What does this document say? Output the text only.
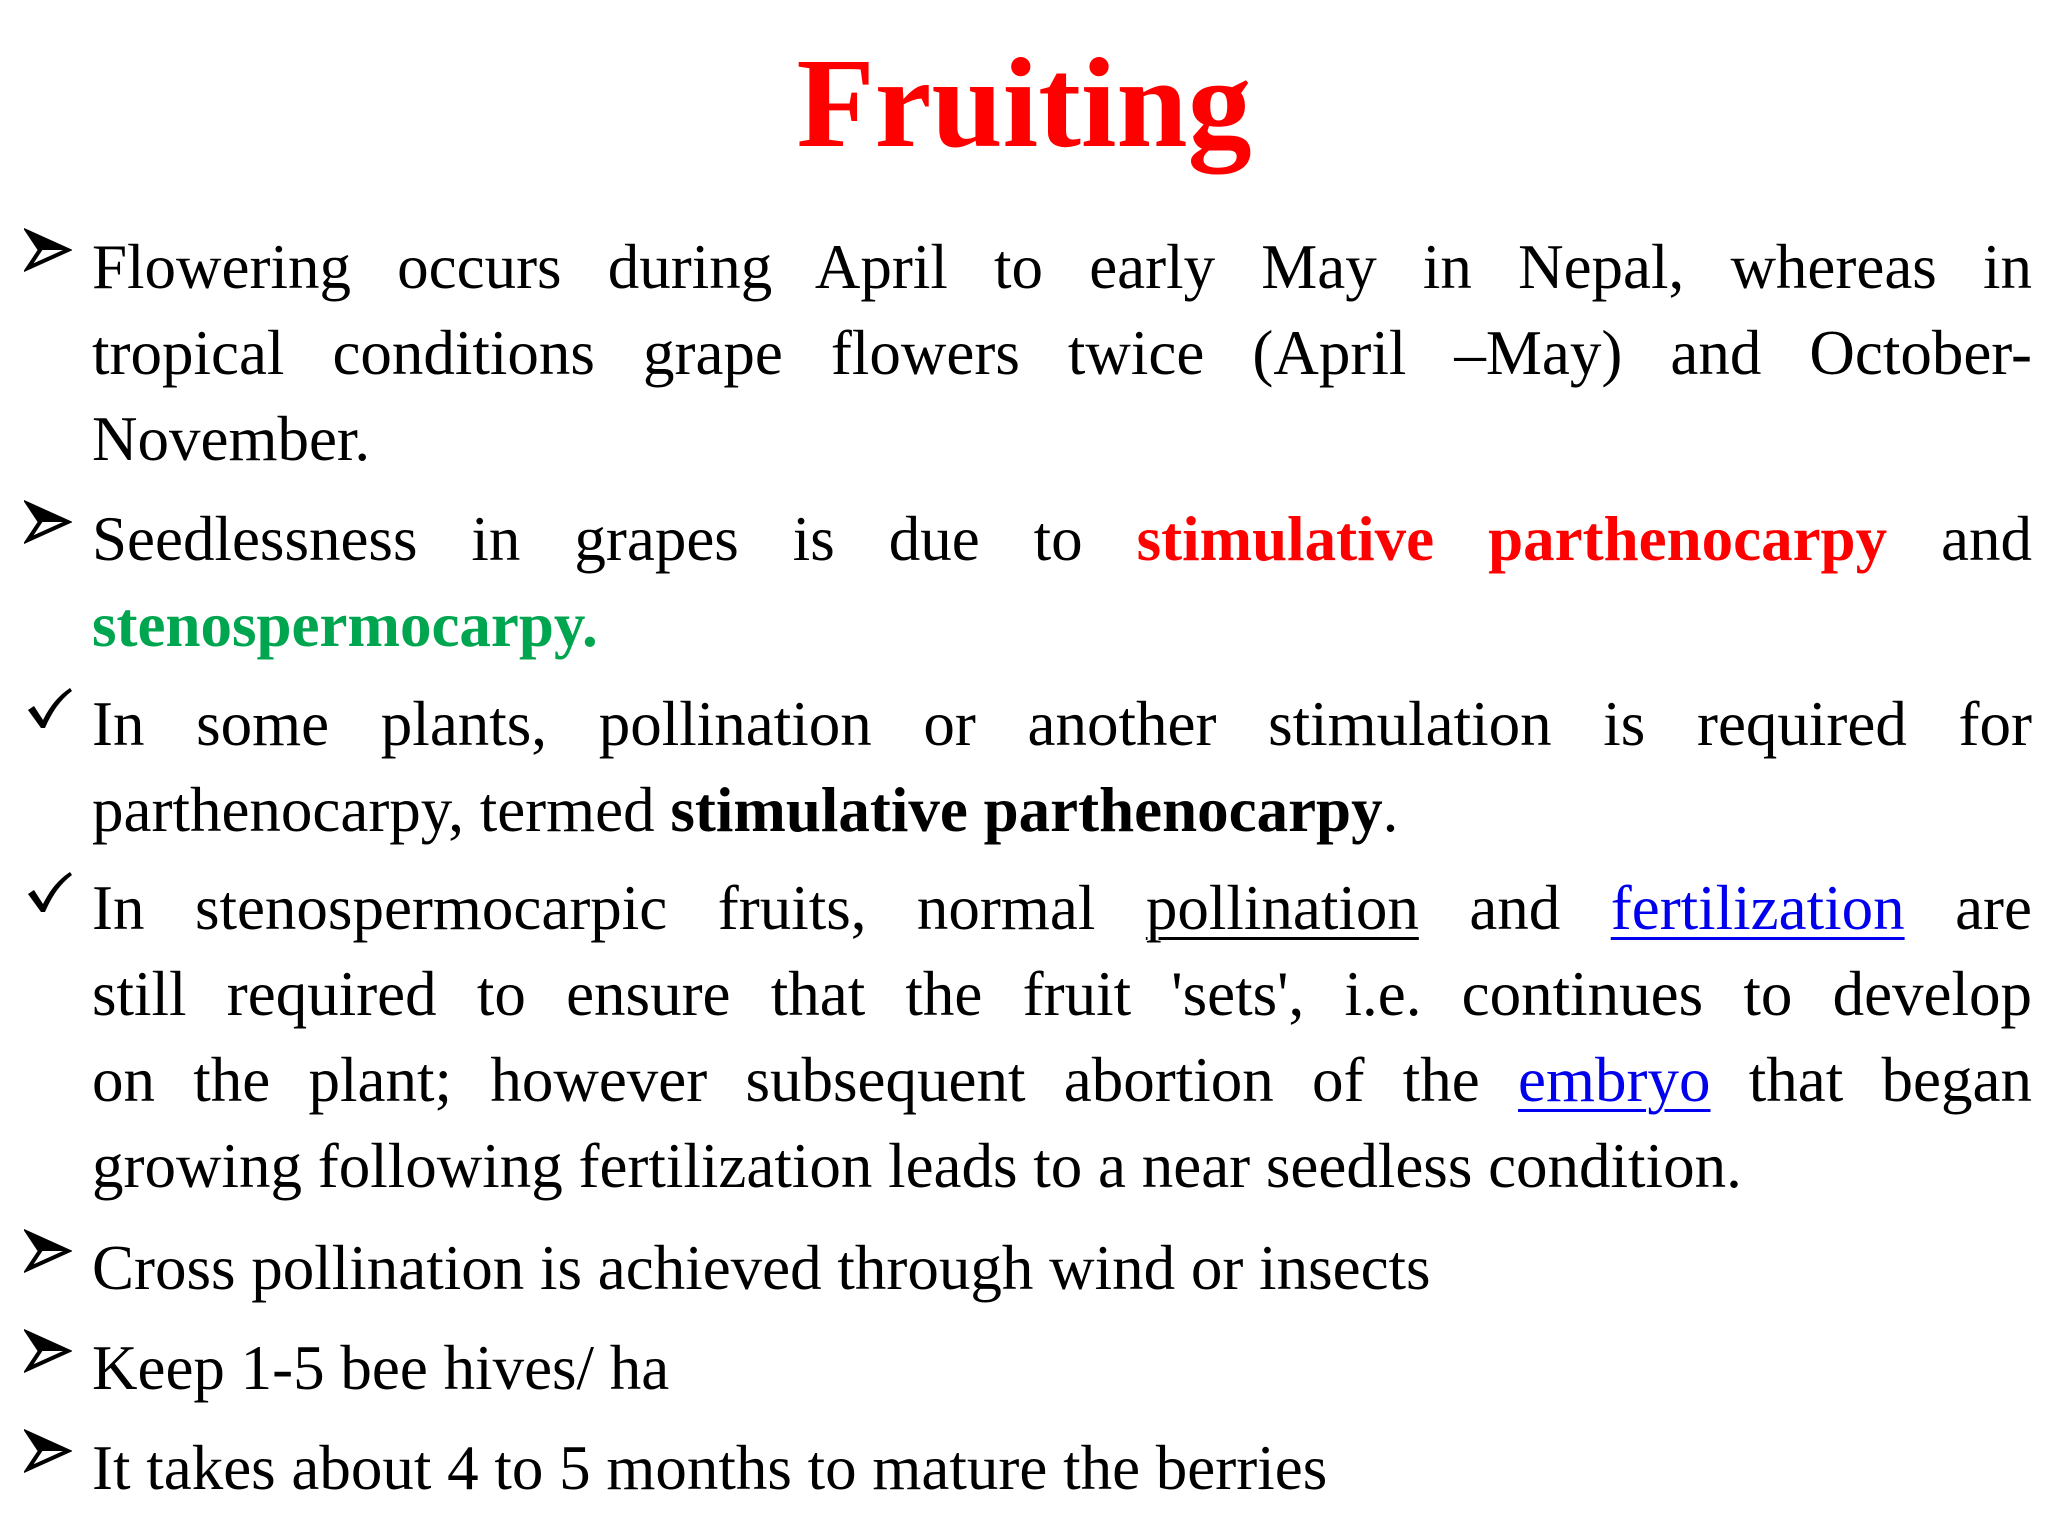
Fruiting
Flowering occurs during April to early May in Nepal, whereas in
tropical conditions grape flowers twice (April –May) and October-
November.
Seedlessness in grapes is due to stimulative parthenocarpy and
stenospermocarpy.
In some plants, pollination or another stimulation is required for
parthenocarpy, termed stimulative parthenocarpy.
In stenospermocarpic fruits, normal pollination and fertilization are
still required to ensure that the fruit 'sets', i.e. continues to develop
on the plant; however subsequent abortion of the embryo that began
growing following fertilization leads to a near seedless condition.
Cross pollination is achieved through wind or insects
Keep 1-5 bee hives/ ha
It takes about 4 to 5 months to mature the berries
